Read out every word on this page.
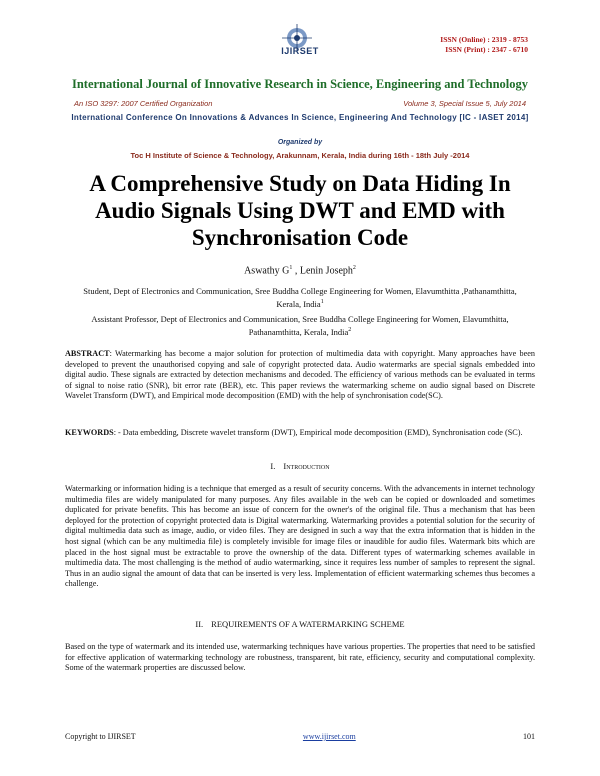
IJIRSET
ISSN (Online) : 2319 - 8753
ISSN (Print) : 2347 - 6710
International Journal of Innovative Research in Science, Engineering and Technology
An ISO 3297: 2007 Certified Organization	Volume 3, Special Issue 5, July 2014
International Conference On Innovations & Advances In Science, Engineering And Technology [IC - IASET 2014]
Organized by
Toc H Institute of Science & Technology, Arakunnam, Kerala, India during 16th - 18th July -2014
A Comprehensive Study on Data Hiding In Audio Signals Using DWT and EMD with Synchronisation Code
Aswathy $G^1$ , Lenin Joseph$^2$
Student, Dept of Electronics and Communication, Sree Buddha College Engineering for Women, Elavumthitta ,Pathanamthitta, Kerala, India$^1$
Assistant Professor, Dept of Electronics and Communication, Sree Buddha College Engineering for Women, Elavumthitta, Pathanamthitta, Kerala, India$^2$
ABSTRACT: Watermarking has become a major solution for protection of multimedia data with copyright. Many approaches have been developed to prevent the unauthorised copying and sale of copyright protected data. Audio watermarks are special signals embedded into digital audio. These signals are extracted by detection mechanisms and decoded. The efficiency of various methods can be evaluated in terms of signal to noise ratio (SNR), bit error rate (BER), etc. This paper reviews the watermarking scheme on audio signal based on Discrete Wavelet Transform (DWT), and Empirical mode decomposition (EMD) with the help of synchronisation code(SC).
KEYWORDS: - Data embedding, Discrete wavelet transform (DWT), Empirical mode decomposition (EMD), Synchronisation code (SC).
I. Introduction
Watermarking or information hiding is a technique that emerged as a result of security concerns. With the advancements in internet technology multimedia files are widely manipulated for many purposes. Any files available in the web can be copied or downloaded and sometimes duplicated for private benefits. This has become an issue of concern for the owner's of the original file. Thus a mechanism that has been deployed for the protection of copyright protected data is Digital watermarking. Watermarking provides a potential solution for the security of digital multimedia data such as image, audio, or video files. They are designed in such a way that the extra information that is hidden in the host signal (which can be any multimedia file) is completely invisible for image files or inaudible for audio files. Watermark bits which are placed in the host signal must be extractable to prove the ownership of the data. Different types of watermarking schemes available in multimedia data. The most challenging is the method of audio watermarking, since it requires less number of samples to represent the signal. Thus in an audio signal the amount of data that can be inserted is very less. Implementation of efficient watermarking schemes thus becomes a challenge.
II. REQUIREMENTS OF A WATERMARKING SCHEME
Based on the type of watermark and its intended use, watermarking techniques have various properties. The properties that need to be satisfied for effective application of watermarking technology are robustness, transparent, bit rate, efficiency, security and computational complexity. Some of the watermark properties are discussed below.
Copyright to IJIRSET	www.ijirset.com	101
